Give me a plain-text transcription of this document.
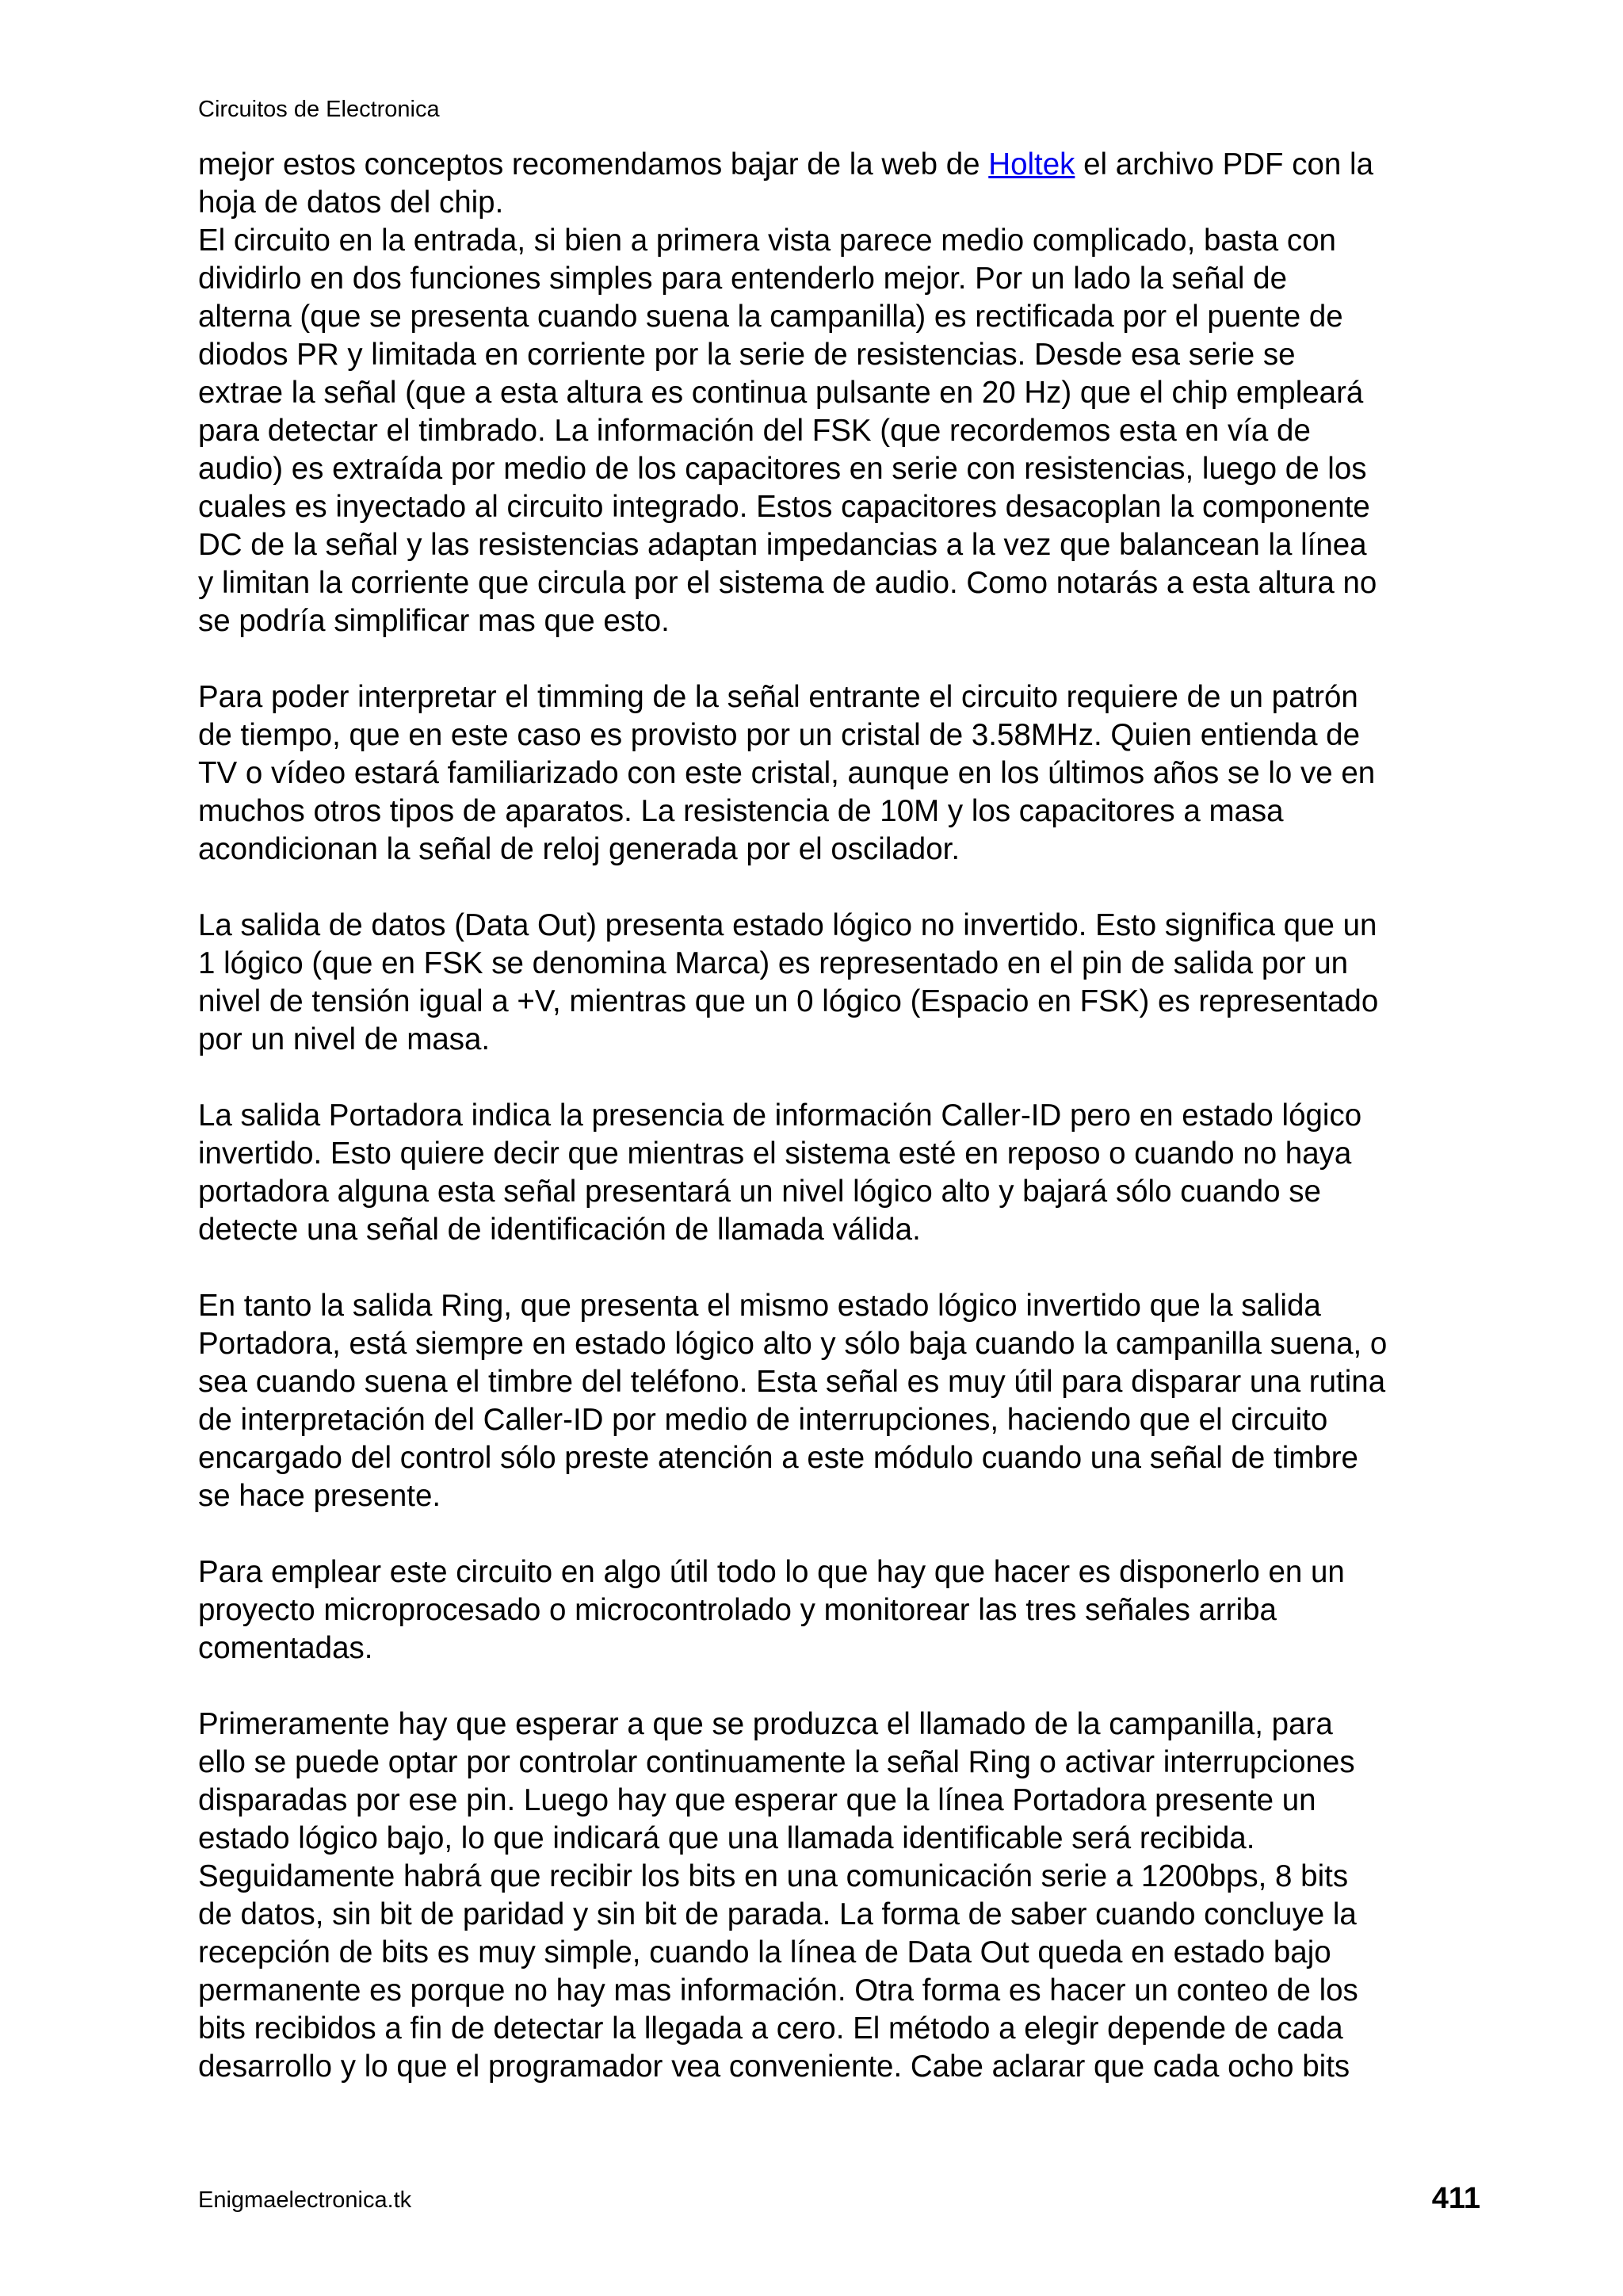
Circuitos de Electronica

mejor estos conceptos recomendamos bajar de la web de Holtek el archivo PDF con la
hoja de datos del chip.

El circuito en la entrada, si bien a primera vista parece medio complicado, basta con
dividirlo en dos funciones simples para entenderlo mejor. Por un lado la señal de
alterna (que se presenta cuando suena la campanilla) es rectificada por el puente de
diodos PR y limitada en corriente por la serie de resistencias. Desde esa serie se
extrae la señal (que a esta altura es continua pulsante en 20 Hz) que el chip empleará
para detectar el timbrado. La información del FSK (que recordemos esta en vía de
audio) es extraída por medio de los capacitores en serie con resistencias, luego de los
cuales es inyectado al circuito integrado. Estos capacitores desacoplan la componente
DC de la señal y las resistencias adaptan impedancias a la vez que balancean la línea
y limitan la corriente que circula por el sistema de audio. Como notarás a esta altura no
se podría simplificar mas que esto.

Para poder interpretar el timming de la señal entrante el circuito requiere de un patrón
de tiempo, que en este caso es provisto por un cristal de 3.58MHz. Quien entienda de
TV o vídeo estará familiarizado con este cristal, aunque en los últimos años se lo ve en
muchos otros tipos de aparatos. La resistencia de 10M y los capacitores a masa
acondicionan la señal de reloj generada por el oscilador.

La salida de datos (Data Out) presenta estado lógico no invertido. Esto significa que un
1 lógico (que en FSK se denomina Marca) es representado en el pin de salida por un
nivel de tensión igual a +V, mientras que un 0 lógico (Espacio en FSK) es representado
por un nivel de masa.

La salida Portadora indica la presencia de información Caller-ID pero en estado lógico
invertido. Esto quiere decir que mientras el sistema esté en reposo o cuando no haya
portadora alguna esta señal presentará un nivel lógico alto y bajará sólo cuando se
detecte una señal de identificación de llamada válida.

En tanto la salida Ring, que presenta el mismo estado lógico invertido que la salida
Portadora, está siempre en estado lógico alto y sólo baja cuando la campanilla suena, o
sea cuando suena el timbre del teléfono. Esta señal es muy útil para disparar una rutina
de interpretación del Caller-ID por medio de interrupciones, haciendo que el circuito
encargado del control sólo preste atención a este módulo cuando una señal de timbre
se hace presente.

Para emplear este circuito en algo útil todo lo que hay que hacer es disponerlo en un
proyecto microprocesado o microcontrolado y monitorear las tres señales arriba
comentadas.

Primeramente hay que esperar a que se produzca el llamado de la campanilla, para
ello se puede optar por controlar continuamente la señal Ring o activar interrupciones
disparadas por ese pin. Luego hay que esperar que la línea Portadora presente un
estado lógico bajo, lo que indicará que una llamada identificable será recibida.
Seguidamente habrá que recibir los bits en una comunicación serie a 1200bps, 8 bits
de datos, sin bit de paridad y sin bit de parada. La forma de saber cuando concluye la
recepción de bits es muy simple, cuando la línea de Data Out queda en estado bajo
permanente es porque no hay mas información. Otra forma es hacer un conteo de los
bits recibidos a fin de detectar la llegada a cero. El método a elegir depende de cada
desarrollo y lo que el programador vea conveniente. Cabe aclarar que cada ocho bits

Enigmaelectronica.tk	411
